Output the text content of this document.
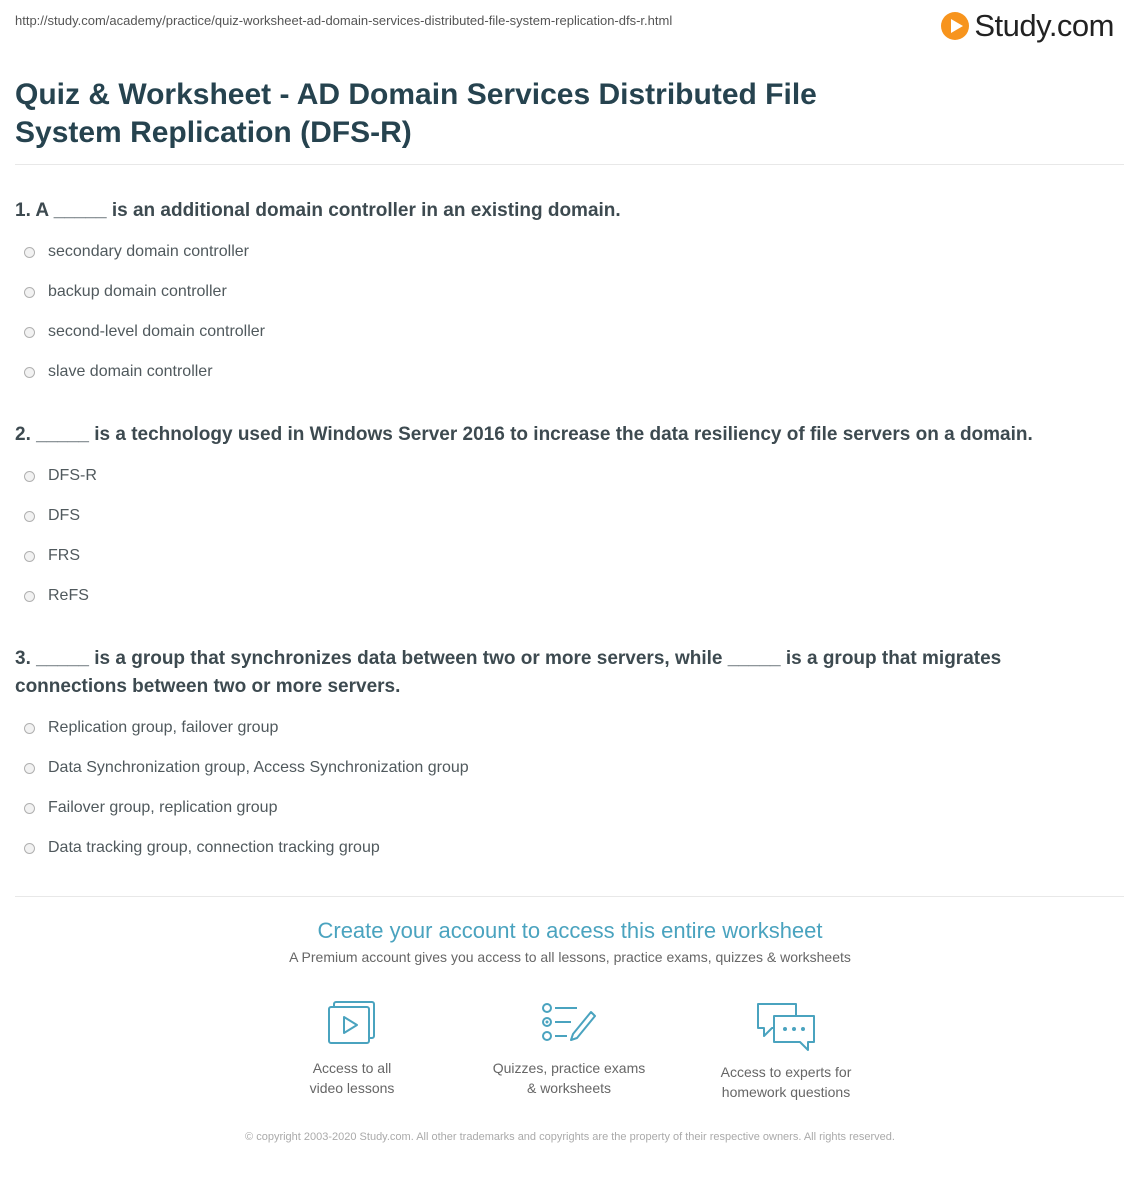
http://study.com/academy/practice/quiz-worksheet-ad-domain-services-distributed-file-system-replication-dfs-r.html	Study.com
Quiz & Worksheet - AD Domain Services Distributed File System Replication (DFS-R)
1. A _____ is an additional domain controller in an existing domain.
secondary domain controller
backup domain controller
second-level domain controller
slave domain controller
2. _____ is a technology used in Windows Server 2016 to increase the data resiliency of file servers on a domain.
DFS-R
DFS
FRS
ReFS
3. _____ is a group that synchronizes data between two or more servers, while _____ is a group that migrates connections between two or more servers.
Replication group, failover group
Data Synchronization group, Access Synchronization group
Failover group, replication group
Data tracking group, connection tracking group
Create your account to access this entire worksheet
A Premium account gives you access to all lessons, practice exams, quizzes & worksheets
Access to all
video lessons
Quizzes, practice exams
& worksheets
Access to experts for
homework questions
© copyright 2003-2020 Study.com. All other trademarks and copyrights are the property of their respective owners. All rights reserved.
